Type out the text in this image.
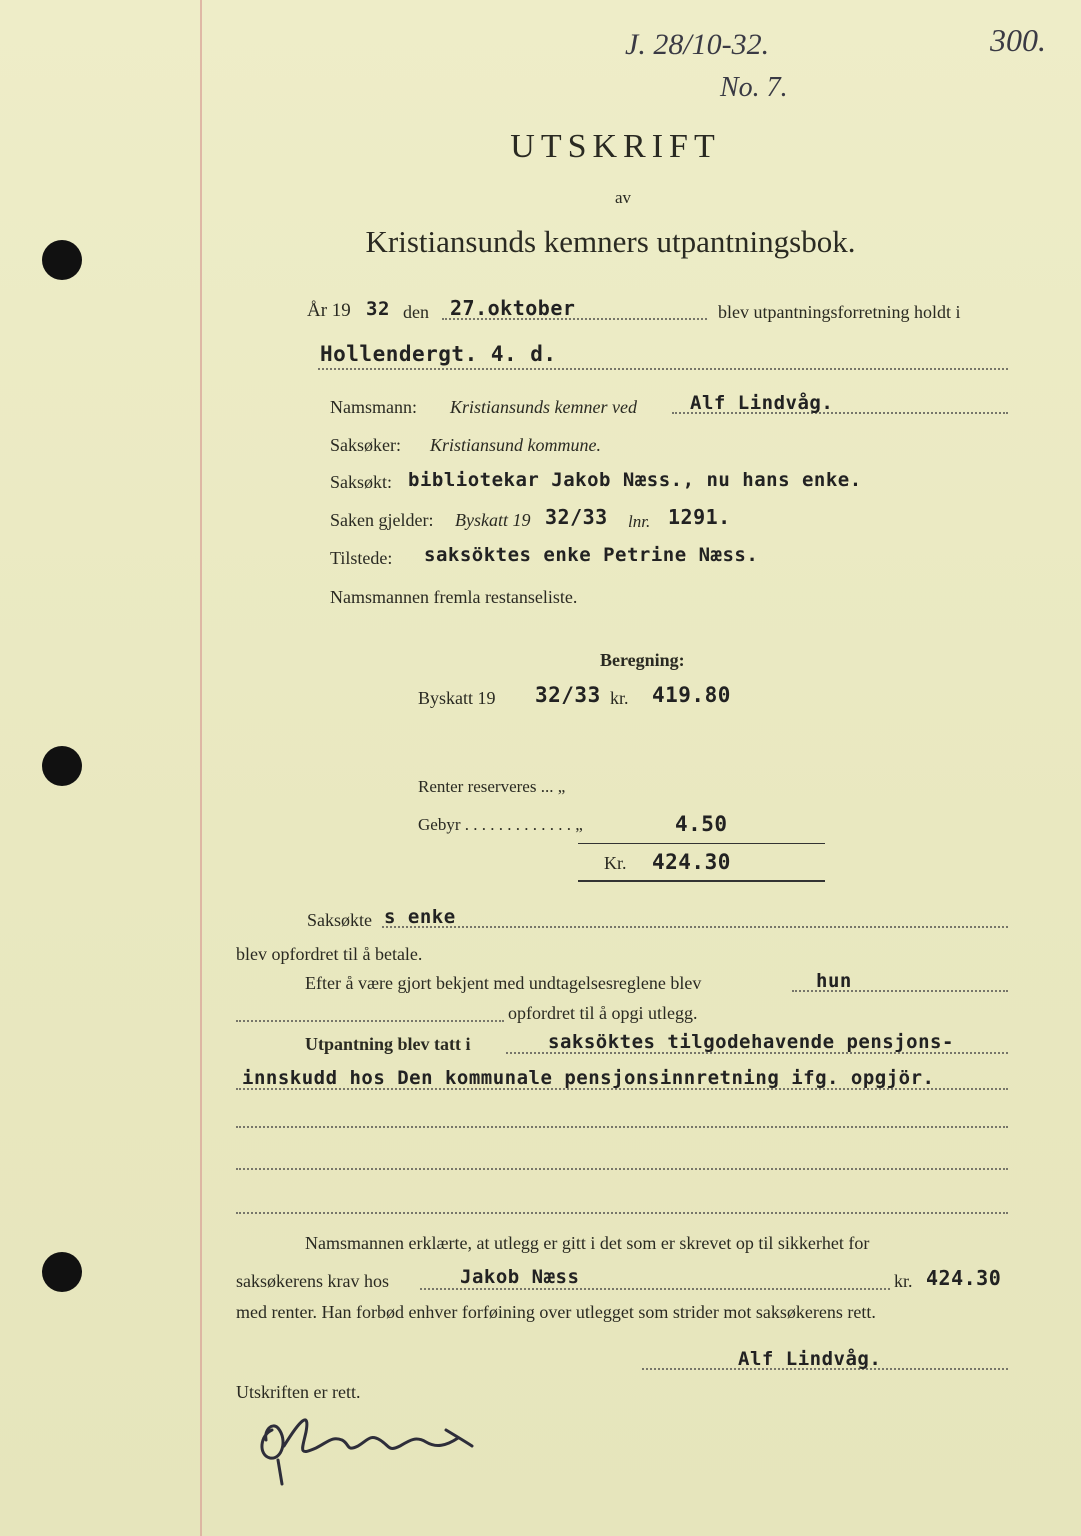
J. 28/10-32.
No. 7.
300.
UTSKRIFT
av
Kristiansunds kemners utpantningsbok.
År 19 32 den 27.oktober	blev utpantningsforretning holdt i
Hollendergt. 4. d.
Namsmann: Kristiansunds kemner ved	Alf Lindvåg.
Saksøker: Kristiansund kommune.
Saksøkt: bibliotekar Jakob Næss., nu hans enke.
Saken gjelder: Byskatt 19 32/33 lnr. 1291.
Tilstede: saksöktes enke Petrine Næss.
Namsmannen fremla restanseliste.
Beregning:
Byskatt 19 32/33 kr. 419.80
Renter reserveres ... „
Gebyr . . . . . . . . . . . . . „	4.50
Kr. 424.30
Saksøkte s enke
blev opfordret til å betale.
Efter å være gjort bekjent med undtagelsesreglene blev	hun
opfordret til å opgi utlegg.
Utpantning blev tatt i	saksöktes tilgodehavende pensjons-
innskudd hos Den kommunale pensjonsinnretning ifg. opgjör.
Namsmannen erklærte, at utlegg er gitt i det som er skrevet op til sikkerhet for
saksøkerens krav hos	Jakob Næss	kr. 424.30
med renter. Han forbød enhver forføining over utlegget som strider mot saksøkerens rett.
Alf Lindvåg.
Utskriften er rett.
